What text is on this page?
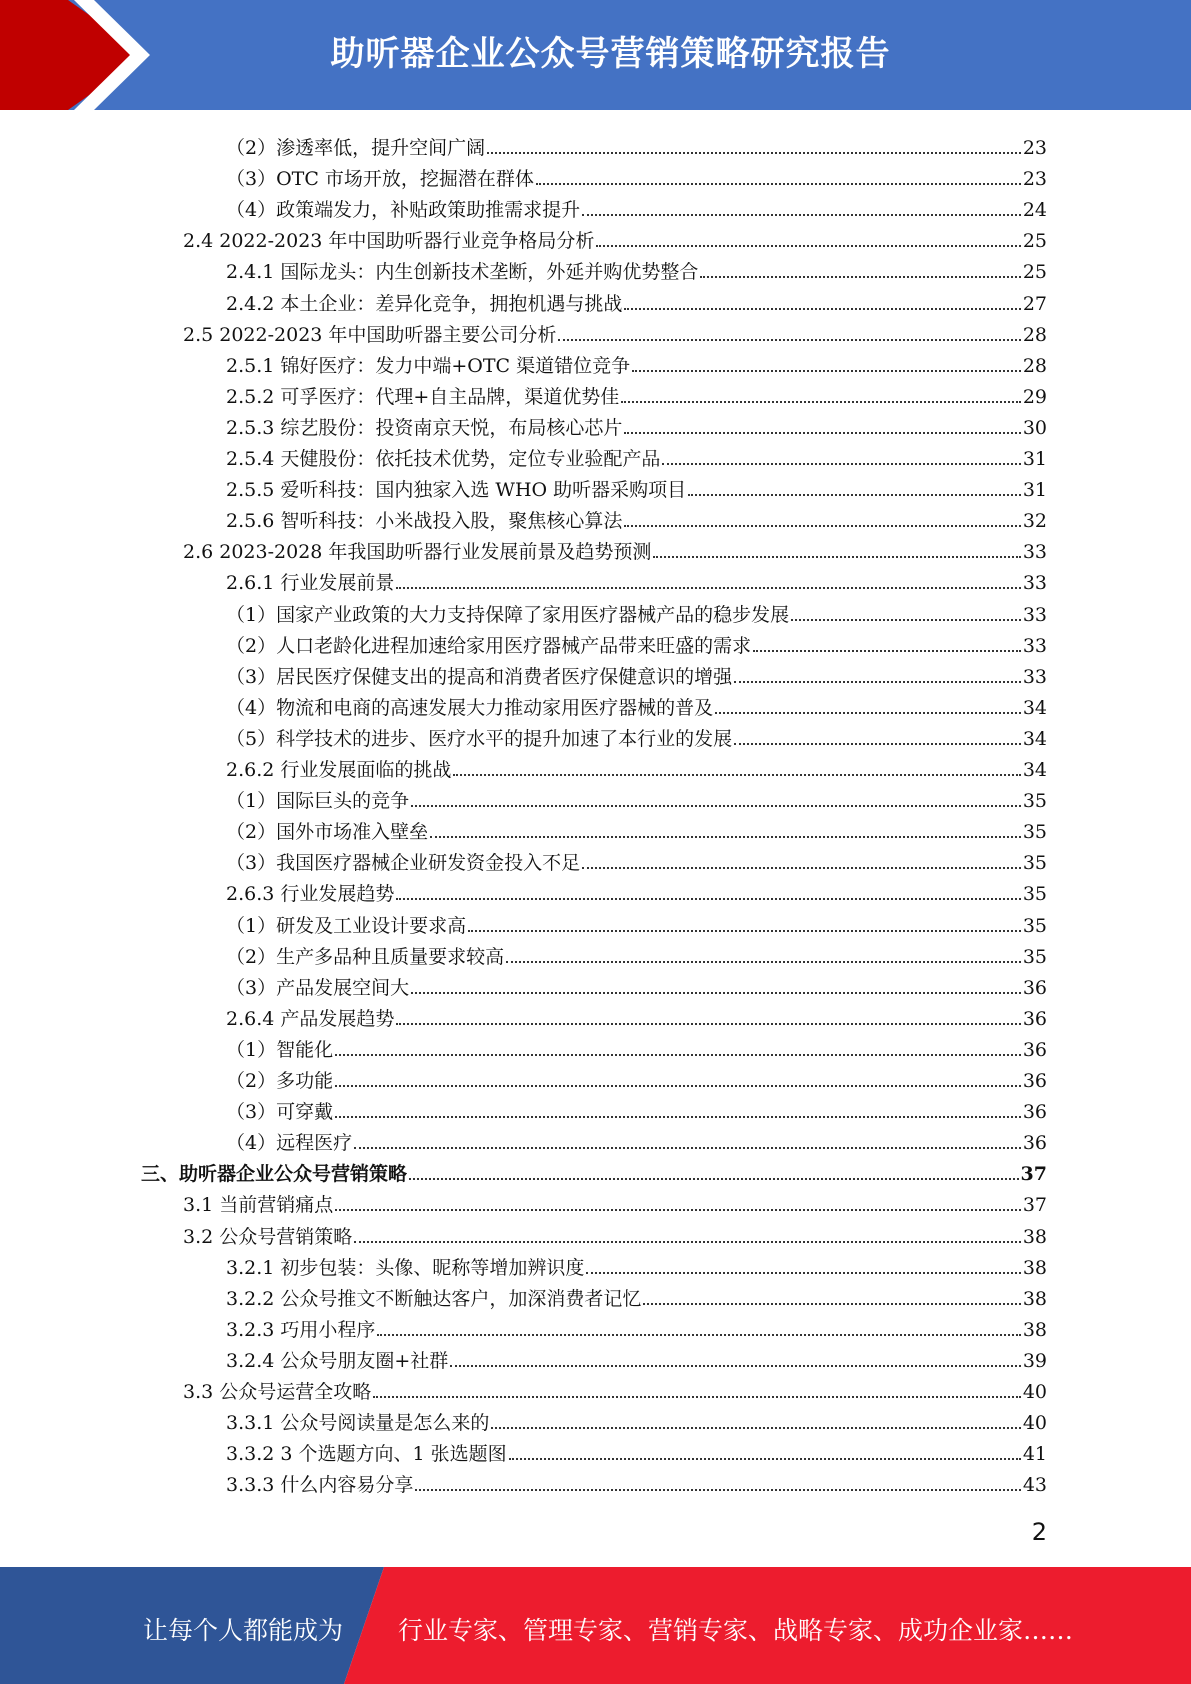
助听器企业公众号营销策略研究报告
（2）渗透率低，提升空间广阔	23
（3）OTC 市场开放，挖掘潜在群体	23
（4）政策端发力，补贴政策助推需求提升	24
2.4 2022-2023 年中国助听器行业竞争格局分析	25
2.4.1 国际龙头：内生创新技术垄断，外延并购优势整合	25
2.4.2 本土企业：差异化竞争，拥抱机遇与挑战	27
2.5 2022-2023 年中国助听器主要公司分析	28
2.5.1 锦好医疗：发力中端+OTC 渠道错位竞争	28
2.5.2 可孚医疗：代理+自主品牌，渠道优势佳	29
2.5.3 综艺股份：投资南京天悦，布局核心芯片	30
2.5.4 天健股份：依托技术优势，定位专业验配产品	31
2.5.5 爱听科技：国内独家入选 WHO 助听器采购项目	31
2.5.6 智听科技：小米战投入股，聚焦核心算法	32
2.6 2023-2028 年我国助听器行业发展前景及趋势预测	33
2.6.1 行业发展前景	33
（1）国家产业政策的大力支持保障了家用医疗器械产品的稳步发展	33
（2）人口老龄化进程加速给家用医疗器械产品带来旺盛的需求	33
（3）居民医疗保健支出的提高和消费者医疗保健意识的增强	33
（4）物流和电商的高速发展大力推动家用医疗器械的普及	34
（5）科学技术的进步、医疗水平的提升加速了本行业的发展	34
2.6.2 行业发展面临的挑战	34
（1）国际巨头的竞争	35
（2）国外市场准入壁垒	35
（3）我国医疗器械企业研发资金投入不足	35
2.6.3 行业发展趋势	35
（1）研发及工业设计要求高	35
（2）生产多品种且质量要求较高	35
（3）产品发展空间大	36
2.6.4 产品发展趋势	36
（1）智能化	36
（2）多功能	36
（3）可穿戴	36
（4）远程医疗	36
三、助听器企业公众号营销策略	37
3.1 当前营销痛点	37
3.2 公众号营销策略	38
3.2.1 初步包装：头像、昵称等增加辨识度	38
3.2.2 公众号推文不断触达客户，加深消费者记忆	38
3.2.3 巧用小程序	38
3.2.4 公众号朋友圈+社群	39
3.3 公众号运营全攻略	40
3.3.1 公众号阅读量是怎么来的	40
3.3.2 3 个选题方向、1 张选题图	41
3.3.3 什么内容易分享	43
2
让每个人都能成为 行业专家、管理专家、营销专家、战略专家、成功企业家……
